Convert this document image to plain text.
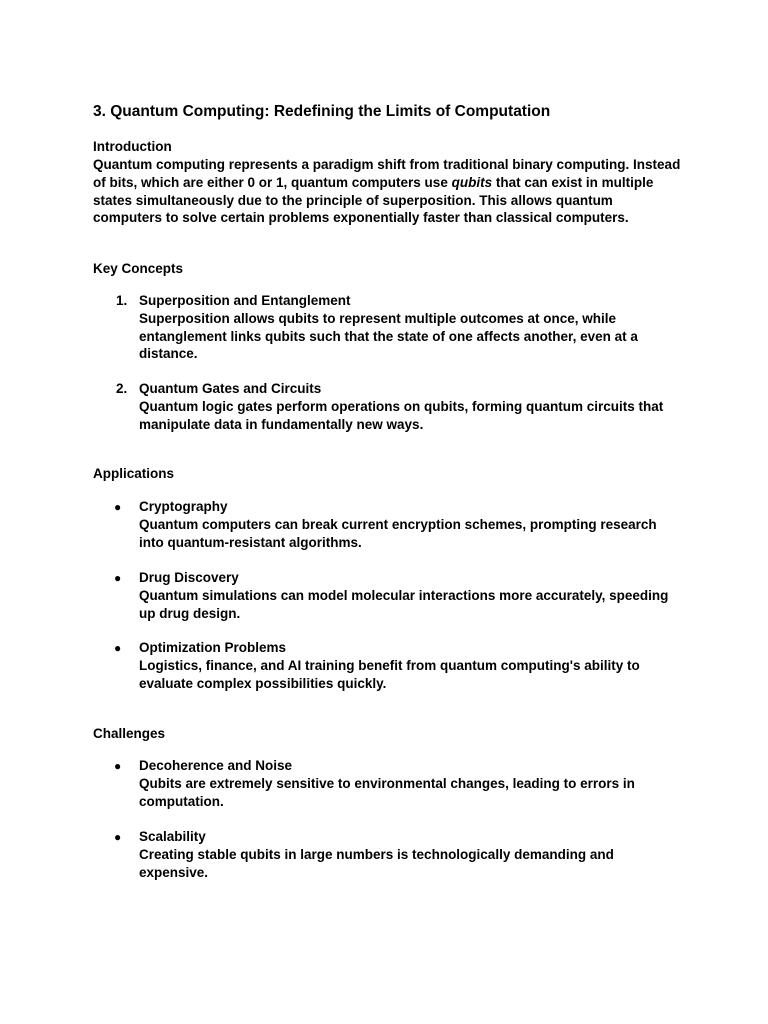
3. Quantum Computing: Redefining the Limits of Computation
Introduction
Quantum computing represents a paradigm shift from traditional binary computing. Instead of bits, which are either 0 or 1, quantum computers use qubits that can exist in multiple states simultaneously due to the principle of superposition. This allows quantum computers to solve certain problems exponentially faster than classical computers.
Key Concepts
1. Superposition and Entanglement
Superposition allows qubits to represent multiple outcomes at once, while entanglement links qubits such that the state of one affects another, even at a distance.
2. Quantum Gates and Circuits
Quantum logic gates perform operations on qubits, forming quantum circuits that manipulate data in fundamentally new ways.
Applications
● Cryptography
Quantum computers can break current encryption schemes, prompting research into quantum-resistant algorithms.
● Drug Discovery
Quantum simulations can model molecular interactions more accurately, speeding up drug design.
● Optimization Problems
Logistics, finance, and AI training benefit from quantum computing's ability to evaluate complex possibilities quickly.
Challenges
● Decoherence and Noise
Qubits are extremely sensitive to environmental changes, leading to errors in computation.
● Scalability
Creating stable qubits in large numbers is technologically demanding and expensive.
